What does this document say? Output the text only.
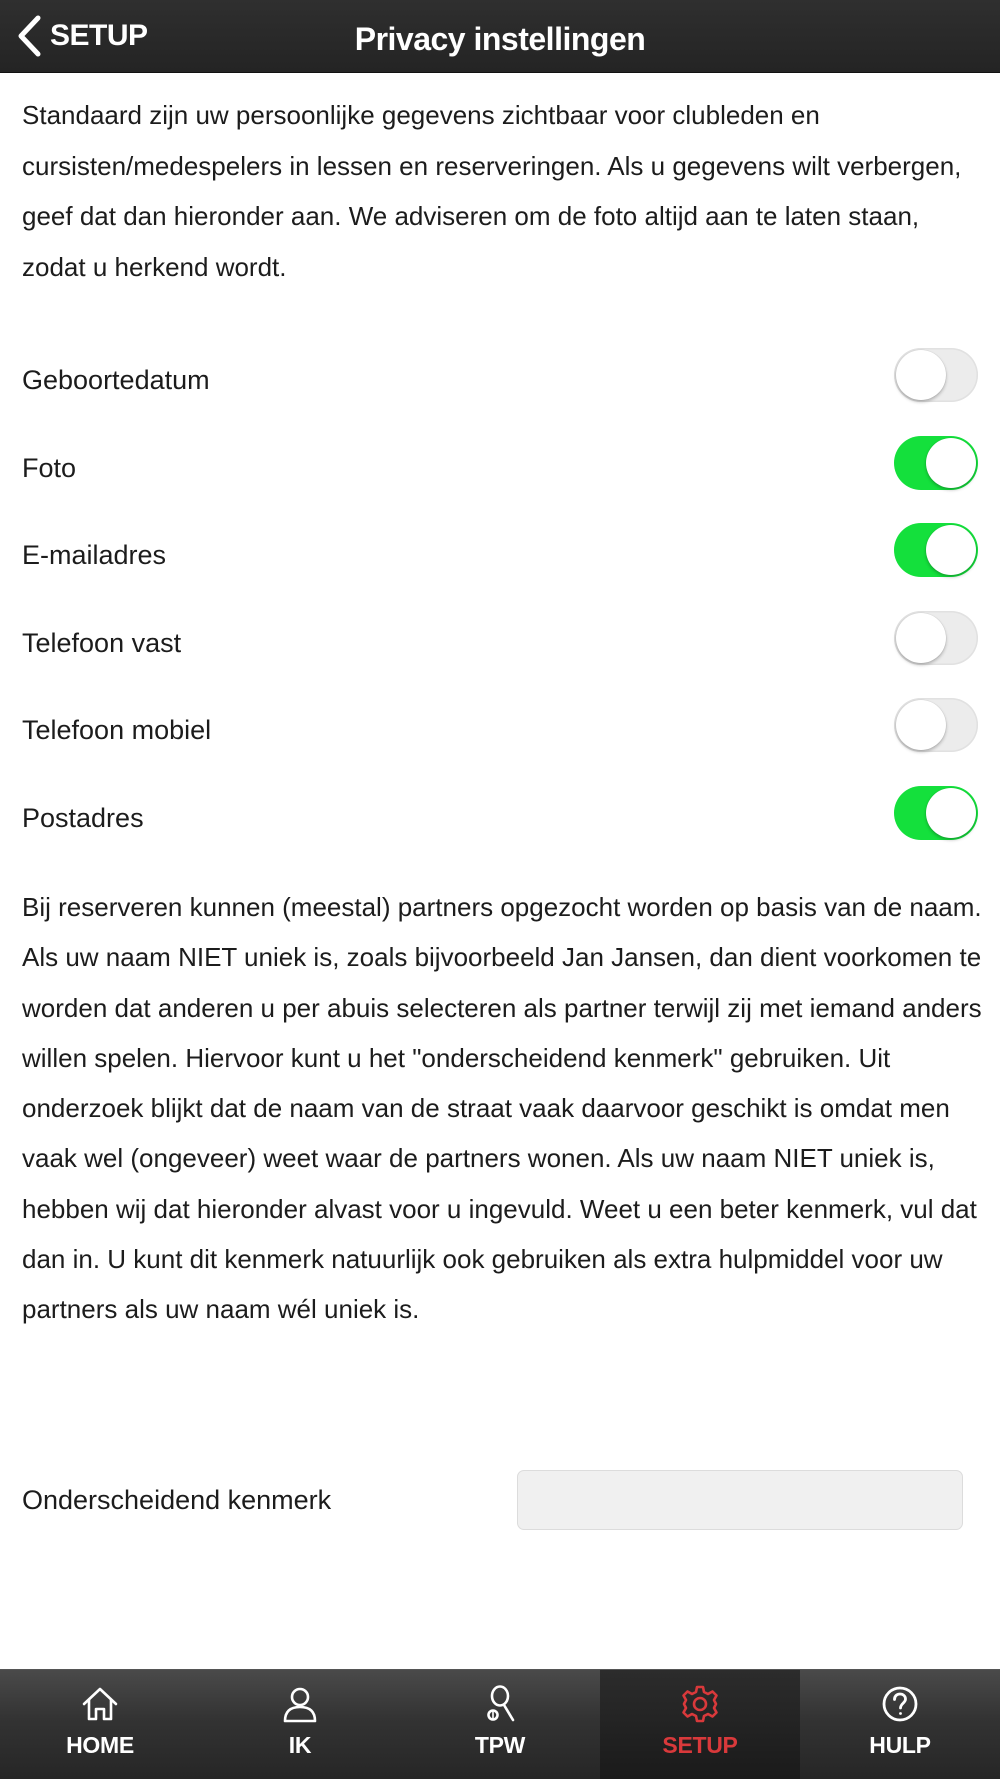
SETUP	Privacy instellingen

Standaard zijn uw persoonlijke gegevens zichtbaar voor clubleden en cursisten/medespelers in lessen en reserveringen. Als u gegevens wilt verbergen, geef dat dan hieronder aan. We adviseren om de foto altijd aan te laten staan, zodat u herkend wordt.

Geboortedatum
Foto
E-mailadres
Telefoon vast
Telefoon mobiel
Postadres

Bij reserveren kunnen (meestal) partners opgezocht worden op basis van de naam. Als uw naam NIET uniek is, zoals bijvoorbeeld Jan Jansen, dan dient voorkomen te worden dat anderen u per abuis selecteren als partner terwijl zij met iemand anders willen spelen. Hiervoor kunt u het "onderscheidend kenmerk" gebruiken. Uit onderzoek blijkt dat de naam van de straat vaak daarvoor geschikt is omdat men vaak wel (ongeveer) weet waar de partners wonen. Als uw naam NIET uniek is, hebben wij dat hieronder alvast voor u ingevuld. Weet u een beter kenmerk, vul dat dan in. U kunt dit kenmerk natuurlijk ook gebruiken als extra hulpmiddel voor uw partners als uw naam wél uniek is.

Onderscheidend kenmerk
HOME	IK	TPW	SETUP	HULP
